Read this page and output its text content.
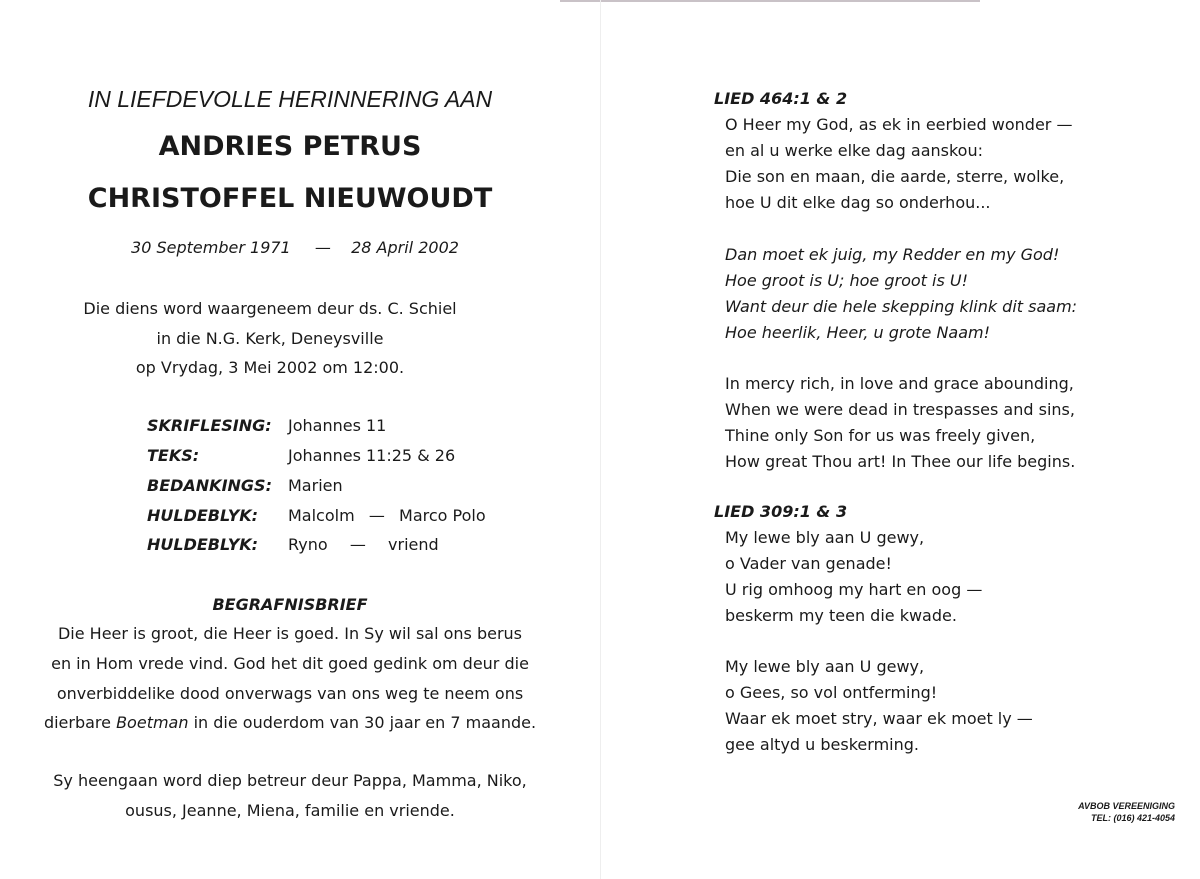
IN LIEFDEVOLLE HERINNERING AAN
ANDRIES PETRUS
CHRISTOFFEL NIEUWOUDT
30 September 1971 — 28 April 2002
Die diens word waargeneem deur ds. C. Schiel
in die N.G. Kerk, Deneysville
op Vrydag, 3 Mei 2002 om 12:00.
SKRIFLESING: Johannes 11
TEKS:	Johannes 11:25 & 26
BEDANKINGS: Marien
HULDEBLYK: Malcolm — Marco Polo
HULDEBLYK: Ryno — vriend
BEGRAFNISBRIEF
Die Heer is groot, die Heer is goed. In Sy wil sal ons berus
en in Hom vrede vind. God het dit goed gedink om deur die
onverbiddelike dood onverwags van ons weg te neem ons
dierbare Boetman in die ouderdom van 30 jaar en 7 maande.
Sy heengaan word diep betreur deur Pappa, Mamma, Niko,
ousus, Jeanne, Miena, familie en vriende.
LIED 464:1 & 2
O Heer my God, as ek in eerbied wonder —
en al u werke elke dag aanskou:
Die son en maan, die aarde, sterre, wolke,
hoe U dit elke dag so onderhou...
Dan moet ek juig, my Redder en my God!
Hoe groot is U; hoe groot is U!
Want deur die hele skepping klink dit saam:
Hoe heerlik, Heer, u grote Naam!
In mercy rich, in love and grace abounding,
When we were dead in trespasses and sins,
Thine only Son for us was freely given,
How great Thou art! In Thee our life begins.
LIED 309:1 & 3
My lewe bly aan U gewy,
o Vader van genade!
U rig omhoog my hart en oog —
beskerm my teen die kwade.
My lewe bly aan U gewy,
o Gees, so vol ontferming!
Waar ek moet stry, waar ek moet ly —
gee altyd u beskerming.
AVBOB VEREENIGING
TEL: (016) 421-4054
